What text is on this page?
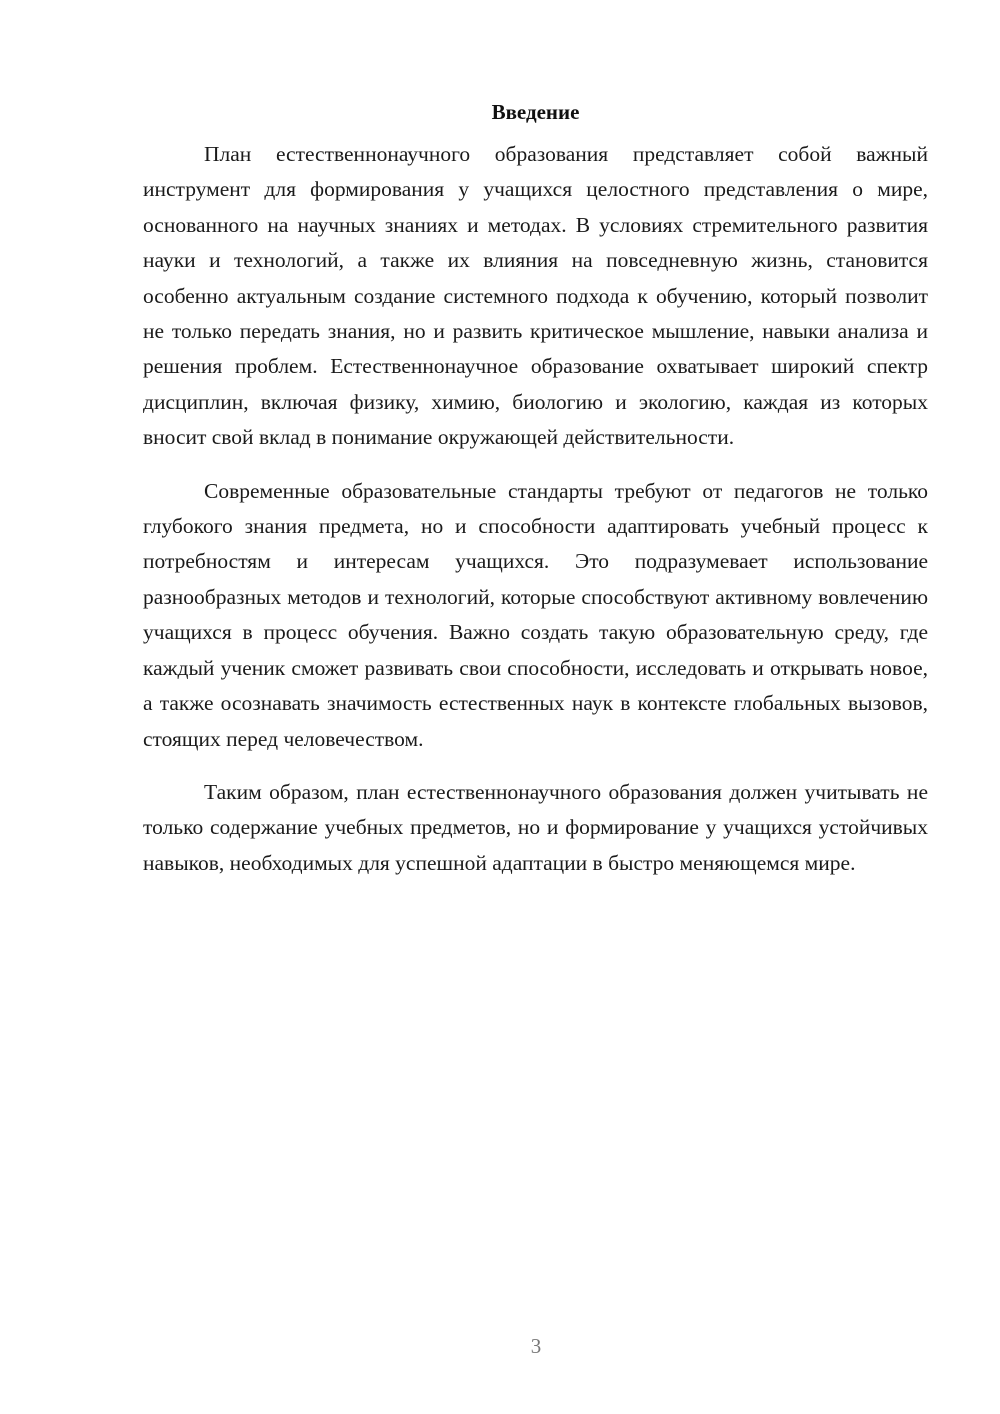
Введение

План естественнонаучного образования представляет собой важный инструмент для формирования у учащихся целостного представления о мире, основанного на научных знаниях и методах. В условиях стремительного развития науки и технологий, а также их влияния на повседневную жизнь, становится особенно актуальным создание системного подхода к обучению, который позволит не только передать знания, но и развить критическое мышление, навыки анализа и решения проблем. Естественнонаучное образование охватывает широкий спектр дисциплин, включая физику, химию, биологию и экологию, каждая из которых вносит свой вклад в понимание окружающей действительности.

Современные образовательные стандарты требуют от педагогов не только глубокого знания предмета, но и способности адаптировать учебный процесс к потребностям и интересам учащихся. Это подразумевает использование разнообразных методов и технологий, которые способствуют активному вовлечению учащихся в процесс обучения. Важно создать такую образовательную среду, где каждый ученик сможет развивать свои способности, исследовать и открывать новое, а также осознавать значимость естественных наук в контексте глобальных вызовов, стоящих перед человечеством.

Таким образом, план естественнонаучного образования должен учитывать не только содержание учебных предметов, но и формирование у учащихся устойчивых навыков, необходимых для успешной адаптации в быстро меняющемся мире.

3
